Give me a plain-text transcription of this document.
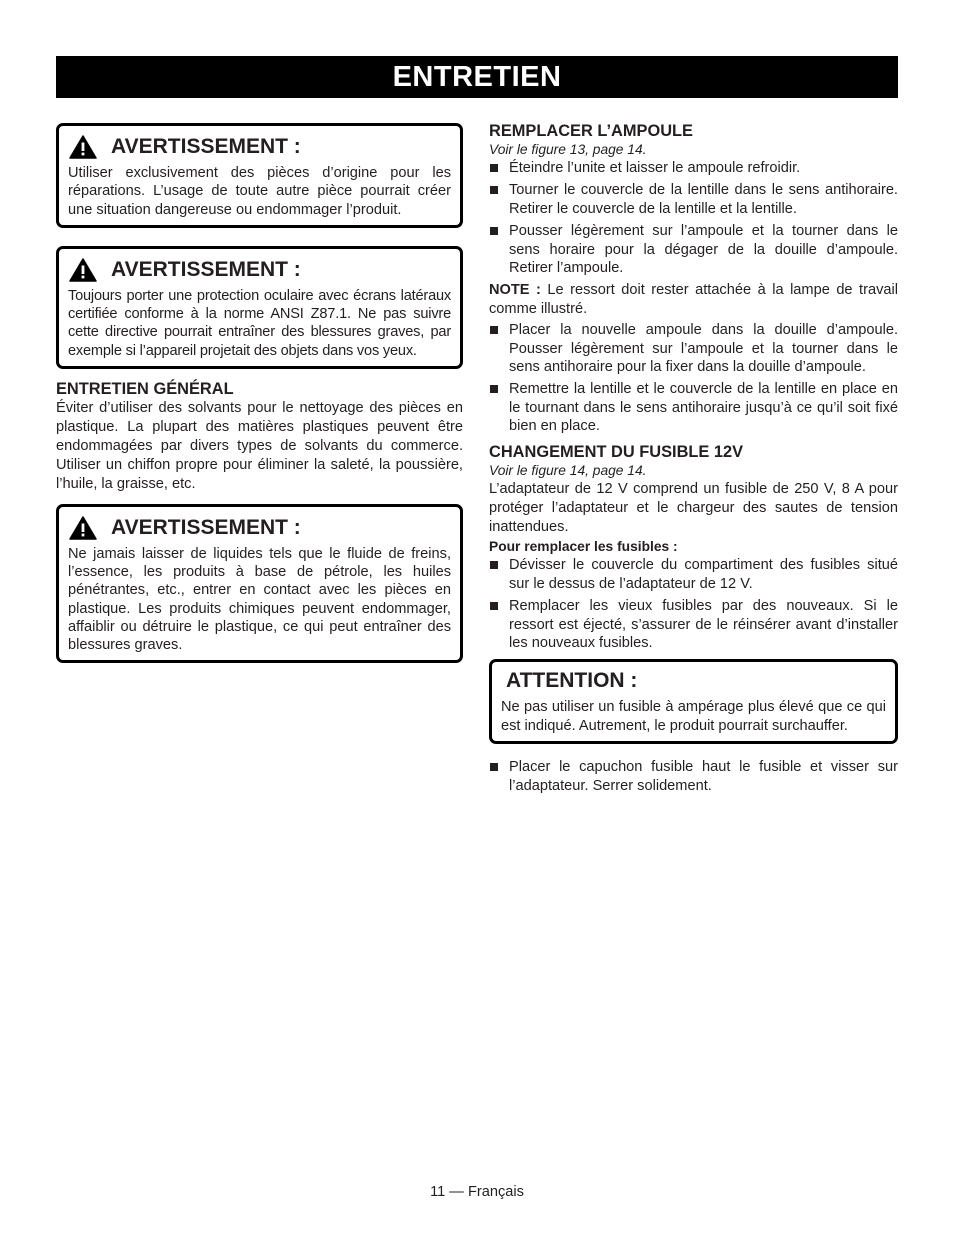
ENTRETIEN
AVERTISSEMENT :
Utiliser exclusivement des pièces d’origine pour les réparations. L’usage de toute autre pièce pourrait créer une situation dangereuse ou endommager l’produit.
AVERTISSEMENT :
Toujours porter une protection oculaire avec écrans latéraux certifiée conforme à la norme ANSI Z87.1. Ne pas suivre cette directive pourrait entraîner des blessures graves, par exemple si l’appareil projetait des objets dans vos yeux.
ENTRETIEN GÉNÉRAL

Éviter d’utiliser des solvants pour le nettoyage des pièces en plastique. La plupart des matières plastiques peuvent être endommagées par divers types de solvants du commerce. Utiliser un chiffon propre pour éliminer la saleté, la poussière, l’huile, la graisse, etc.

AVERTISSEMENT :
Ne jamais laisser de liquides tels que le fluide de freins, l’essence, les produits à base de pétrole, les huiles pénétrantes, etc., entrer en contact avec les pièces en plastique. Les produits chimiques peuvent endommager, affaiblir ou détruire le plastique, ce qui peut entraîner des blessures graves.
REMPLACER L’AMPOULE
Voir le figure 13, page 14.
Éteindre l’unite et laisser le ampoule refroidir.
Tourner le couvercle de la lentille dans le sens antihoraire. Retirer le couvercle de la lentille et la lentille.
Pousser légèrement sur l’ampoule et la tourner dans le sens horaire pour la dégager de la douille d’ampoule. Retirer l’ampoule.
NOTE : Le ressort doit rester attachée à la lampe de travail comme illustré.
Placer la nouvelle ampoule dans la douille d’ampoule. Pousser légèrement sur l’ampoule et la tourner dans le sens antihoraire pour la fixer dans la douille d’ampoule.
Remettre la lentille et le couvercle de la lentille en place en le tournant dans le sens antihoraire jusqu’à ce qu’il soit fixé bien en place.
CHANGEMENT DU FUSIBLE 12V
Voir le figure 14, page 14.

L’adaptateur de 12 V comprend un fusible de 250 V, 8 A pour protéger l’adaptateur et le chargeur des sautes de tension inattendues.

Pour remplacer les fusibles :
Dévisser le couvercle du compartiment des fusibles situé sur le dessus de l’adaptateur de 12 V.
Remplacer les vieux fusibles par des nouveaux. Si le ressort est éjecté, s’assurer de le réinsérer avant d’installer les nouveaux fusibles.
ATTENTION :
Ne pas utiliser un fusible à ampérage plus élevé que ce qui est indiqué. Autrement, le produit pourrait surchauffer.
Placer le capuchon fusible haut le fusible et visser sur l’adaptateur. Serrer solidement.
11 — Français
